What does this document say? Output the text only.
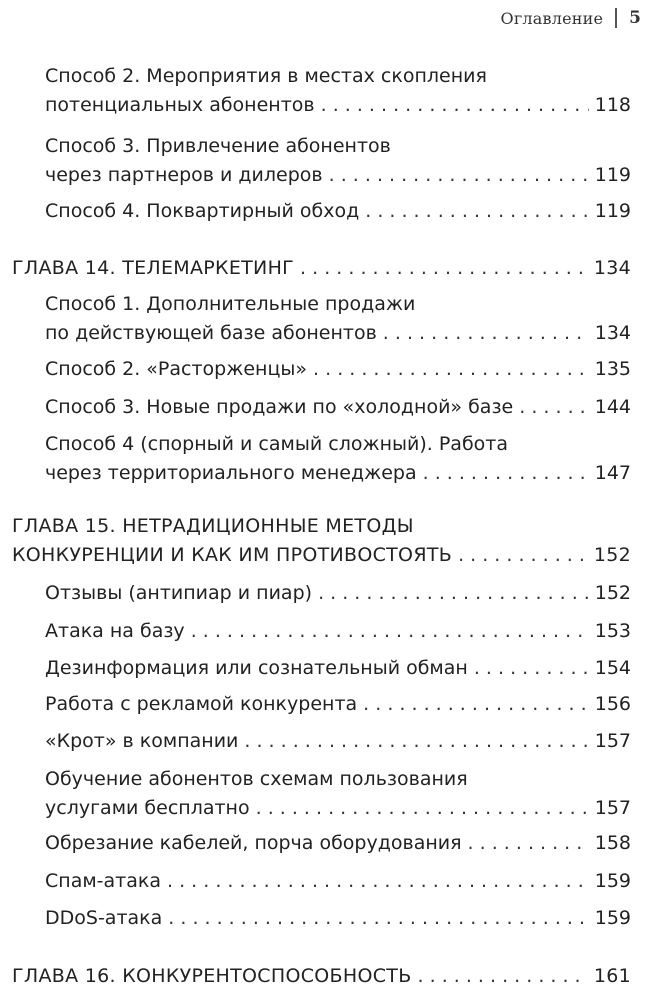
Оглавление 5
Способ 2. Мероприятия в местах скопления
потенциальных абонентов . . .	118
Способ 3. Привлечение абонентов
через партнеров и дилеров . . .	119
Способ 4. Поквартирный обход . . .	119
ГЛАВА 14. ТЕЛЕМАРКЕТИНГ . . .	134
Способ 1. Дополнительные продажи
по действующей базе абонентов . . .	134
Способ 2. «Расторженцы» . . .	135
Способ 3. Новые продажи по «холодной» базе . . .	144
Способ 4 (спорный и самый сложный). Работа
через территориального менеджера . . .	147
ГЛАВА 15. НЕТРАДИЦИОННЫЕ МЕТОДЫ
КОНКУРЕНЦИИ И КАК ИМ ПРОТИВОСТОЯТЬ . . .	152
Отзывы (антипиар и пиар) . . .	152
Атака на базу . . .	153
Дезинформация или сознательный обман . . .	154
Работа с рекламой конкурента . . .	156
«Крот» в компании . . .	157
Обучение абонентов схемам пользования
услугами бесплатно . . .	157
Обрезание кабелей, порча оборудования . . .	158
Спам-атака . . .	159
DDoS-атака . . .	159
ГЛАВА 16. КОНКУРЕНТОСПОСОБНОСТЬ . . .	161
